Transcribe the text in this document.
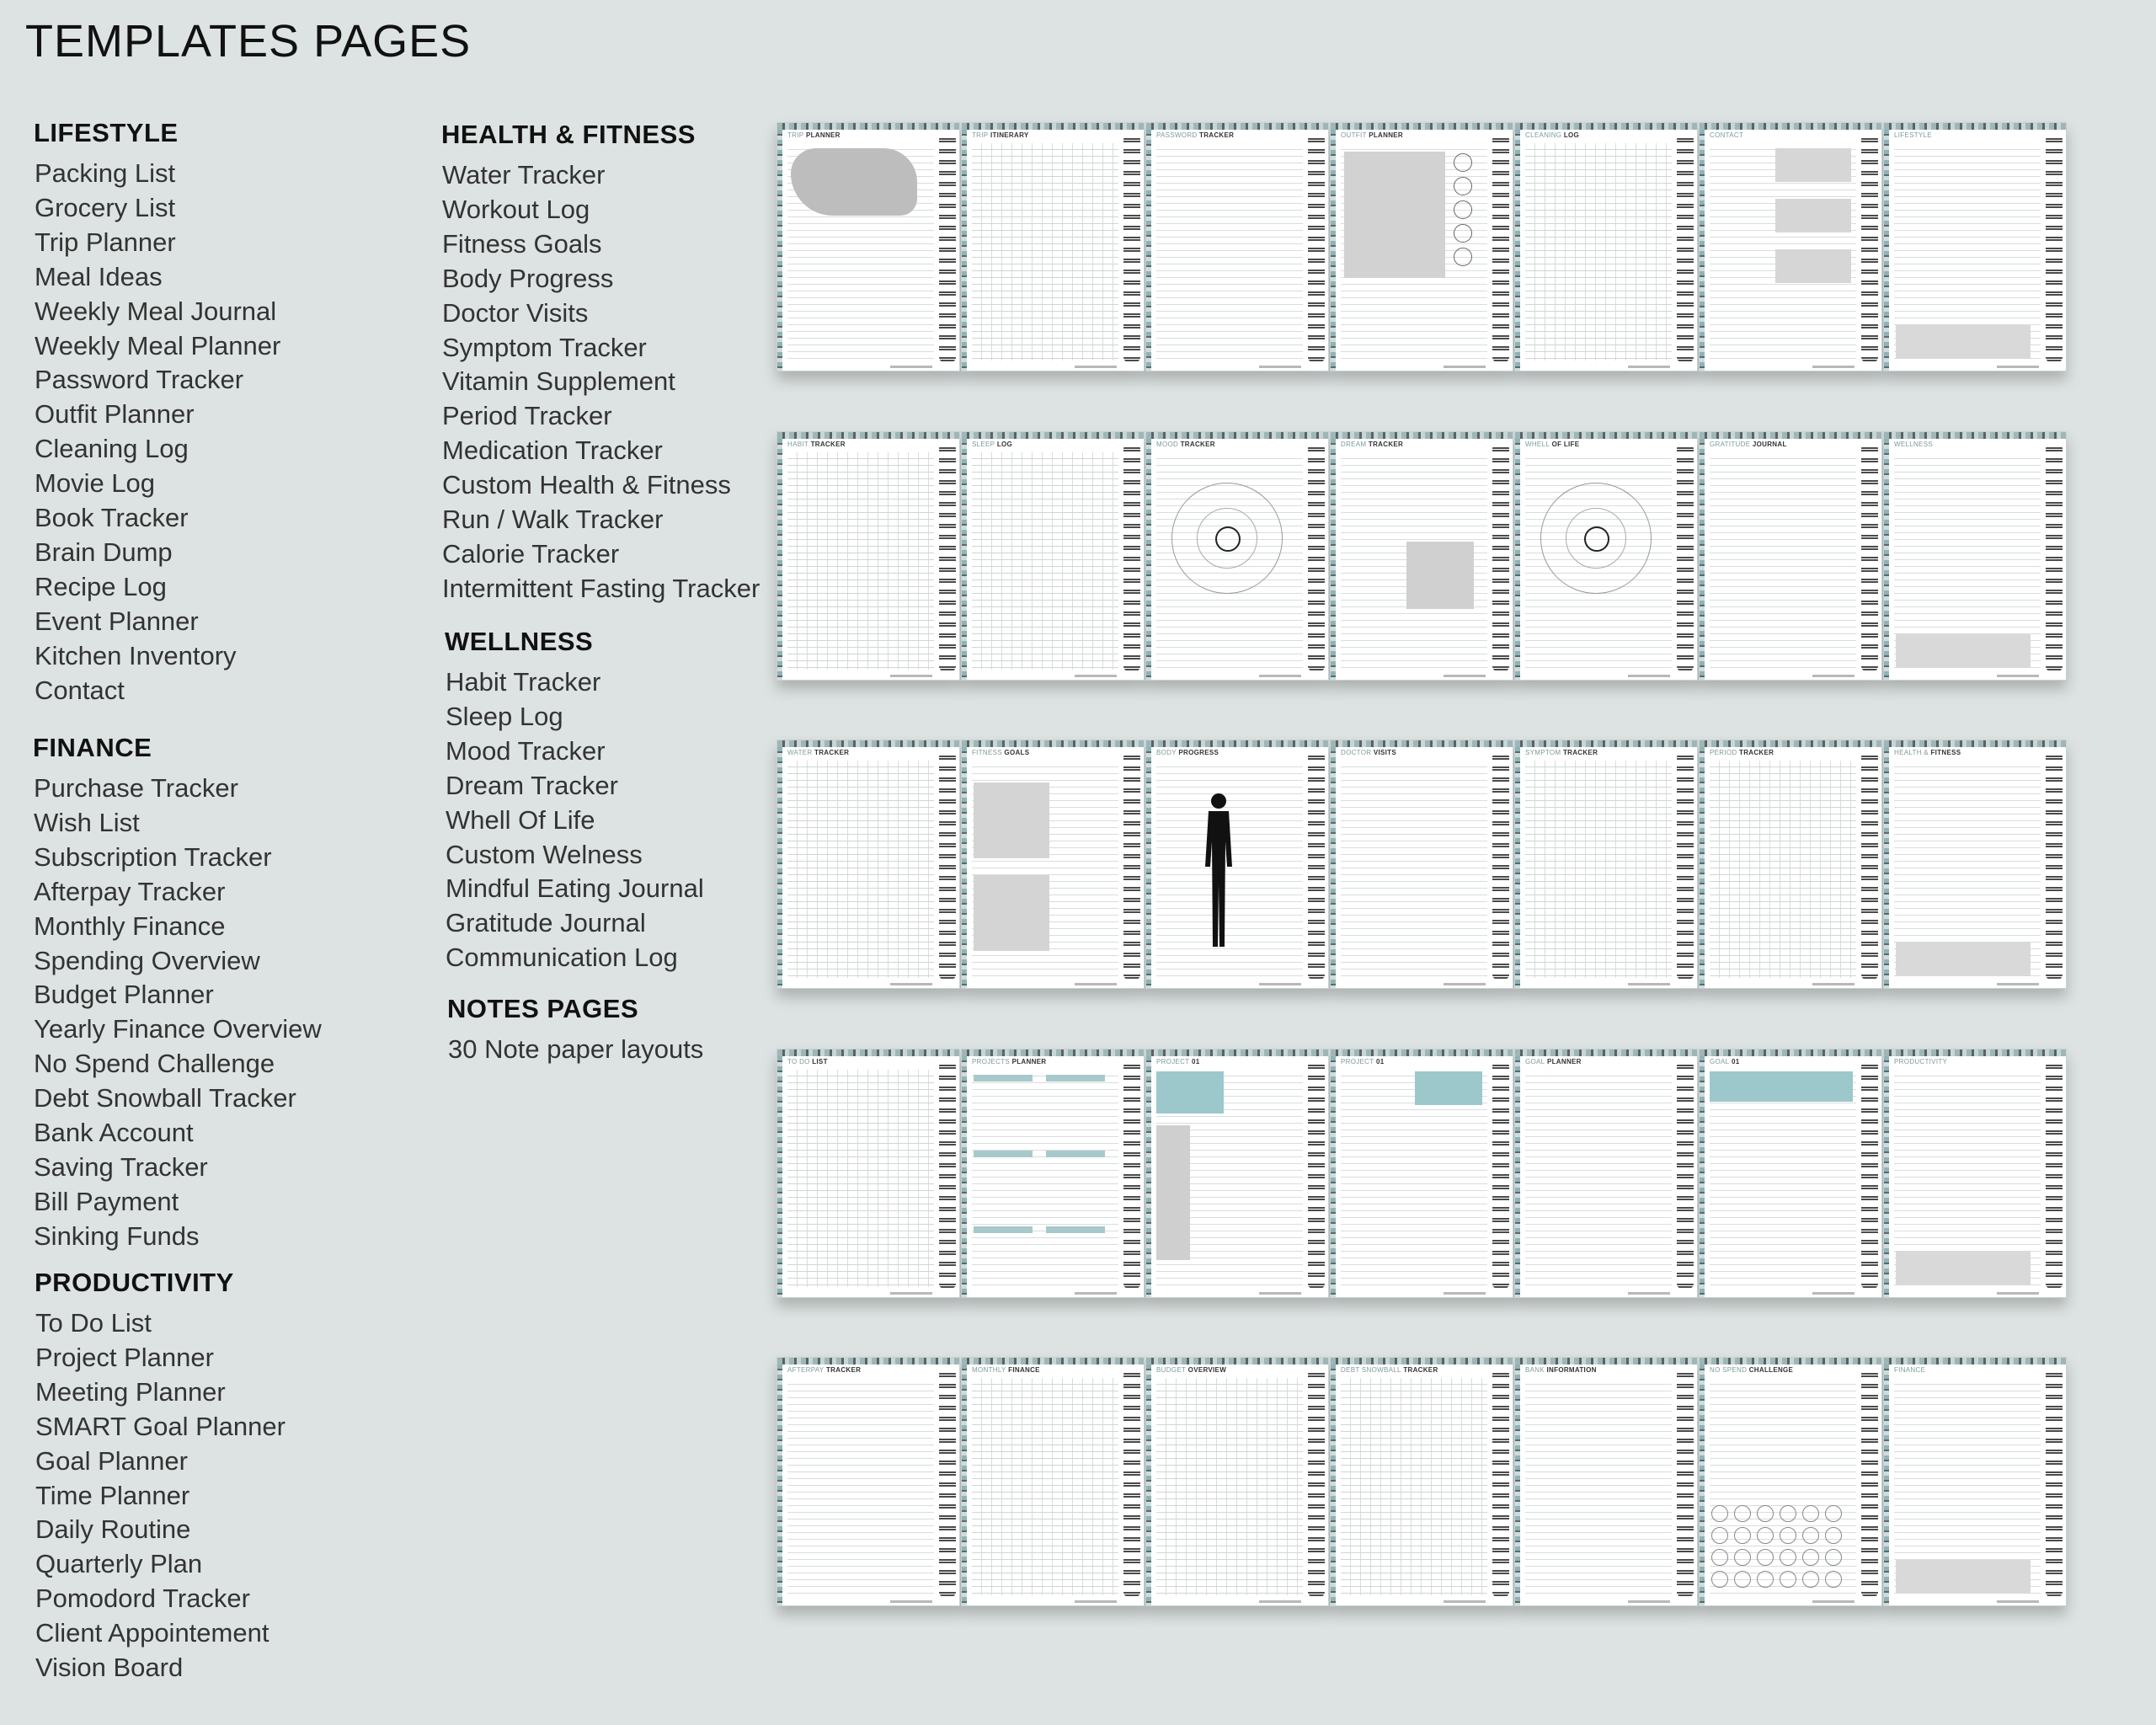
TEMPLATES PAGES
LIFESTYLE
Packing List
Grocery List
Trip Planner
Meal Ideas
Weekly Meal Journal
Weekly Meal Planner
Password Tracker
Outfit Planner
Cleaning Log
Movie Log
Book Tracker
Brain Dump
Recipe Log
Event Planner
Kitchen Inventory
Contact
FINANCE
Purchase Tracker
Wish List
Subscription Tracker
Afterpay Tracker
Monthly Finance
Spending Overview
Budget Planner
Yearly Finance Overview
No Spend Challenge
Debt Snowball Tracker
Bank Account
Saving Tracker
Bill Payment
Sinking Funds
PRODUCTIVITY
To Do List
Project Planner
Meeting Planner
SMART Goal Planner
Goal Planner
Time Planner
Daily Routine
Quarterly Plan
Pomodord Tracker
Client Appointement
Vision Board
HEALTH & FITNESS
Water Tracker
Workout Log
Fitness Goals
Body Progress
Doctor Visits
Symptom Tracker
Vitamin Supplement
Period Tracker
Medication Tracker
Custom Health & Fitness
Run / Walk Tracker
Calorie Tracker
Intermittent Fasting Tracker
WELLNESS
Habit Tracker
Sleep Log
Mood Tracker
Dream Tracker
Whell Of Life
Custom Welness
Mindful Eating Journal
Gratitude Journal
Communication Log
NOTES PAGES
30 Note paper layouts
TRIP PLANNER	TRIP ITINERARY	PASSWORD TRACKER	OUTFIT PLANNER	CLEANING LOG	CONTACT	LIFESTYLE
HABIT TRACKER	SLEEP LOG	MOOD TRACKER	DREAM TRACKER	WHELL OF LIFE	GRATITUDE JOURNAL	WELLNESS
WATER TRACKER	FITNESS GOALS	BODY PROGRESS	DOCTOR VISITS	SYMPTOM TRACKER	PERIOD TRACKER	HEALTH & FITNESS
TO DO LIST	PROJECTS PLANNER	PROJECT 01	PROJECT 01	GOAL PLANNER	GOAL 01	PRODUCTIVITY
AFTERPAY TRACKER	MONTHLY FINANCE	BUDGET OVERVIEW	DEBT SNOWBALL TRACKER	BANK INFORMATION	NO SPEND CHALLENGE	FINANCE
